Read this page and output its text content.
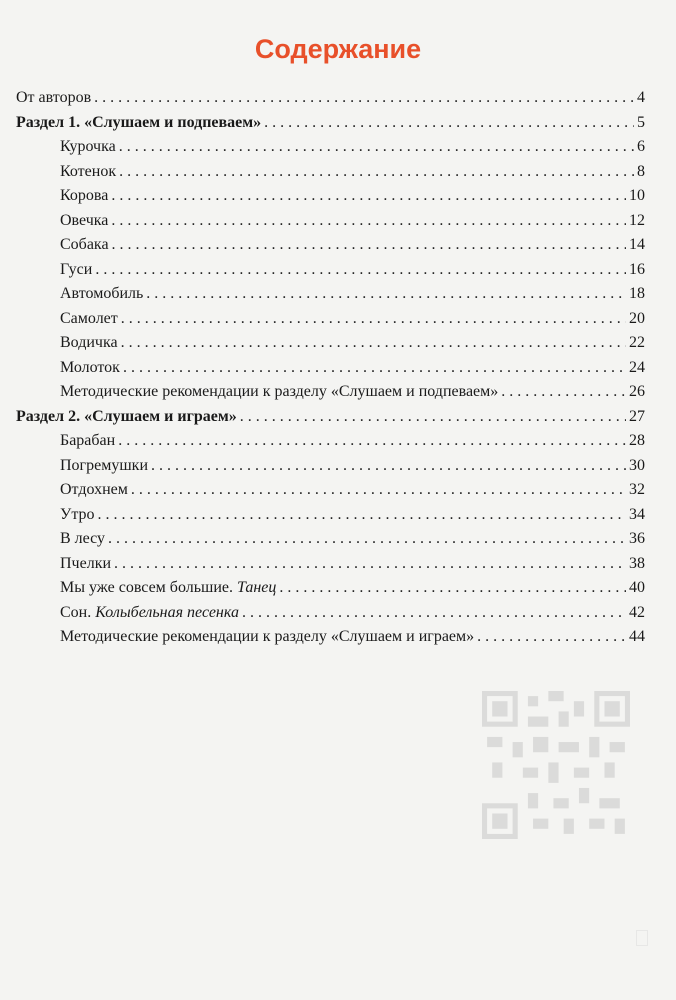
Содержание
От авторов . . .	4
Раздел 1. «Слушаем и подпеваем» . . .	5
Курочка . . .	6
Котенок . . .	8
Корова . . .	10
Овечка . . .	12
Собака . . .	14
Гуси . . .	16
Автомобиль . . .	18
Самолет . . .	20
Водичка . . .	22
Молоток . . .	24
Методические рекомендации к разделу «Слушаем и подпеваем» . . .	26
Раздел 2. «Слушаем и играем» . . .	27
Барабан . . .	28
Погремушки . . .	30
Отдохнем . . .	32
Утро . . .	34
В лесу . . .	36
Пчелки . . .	38
Мы уже совсем большие. Танец . . .	40
Сон. Колыбельная песенка . . .	42
Методические рекомендации к разделу «Слушаем и играем» . . .	44
